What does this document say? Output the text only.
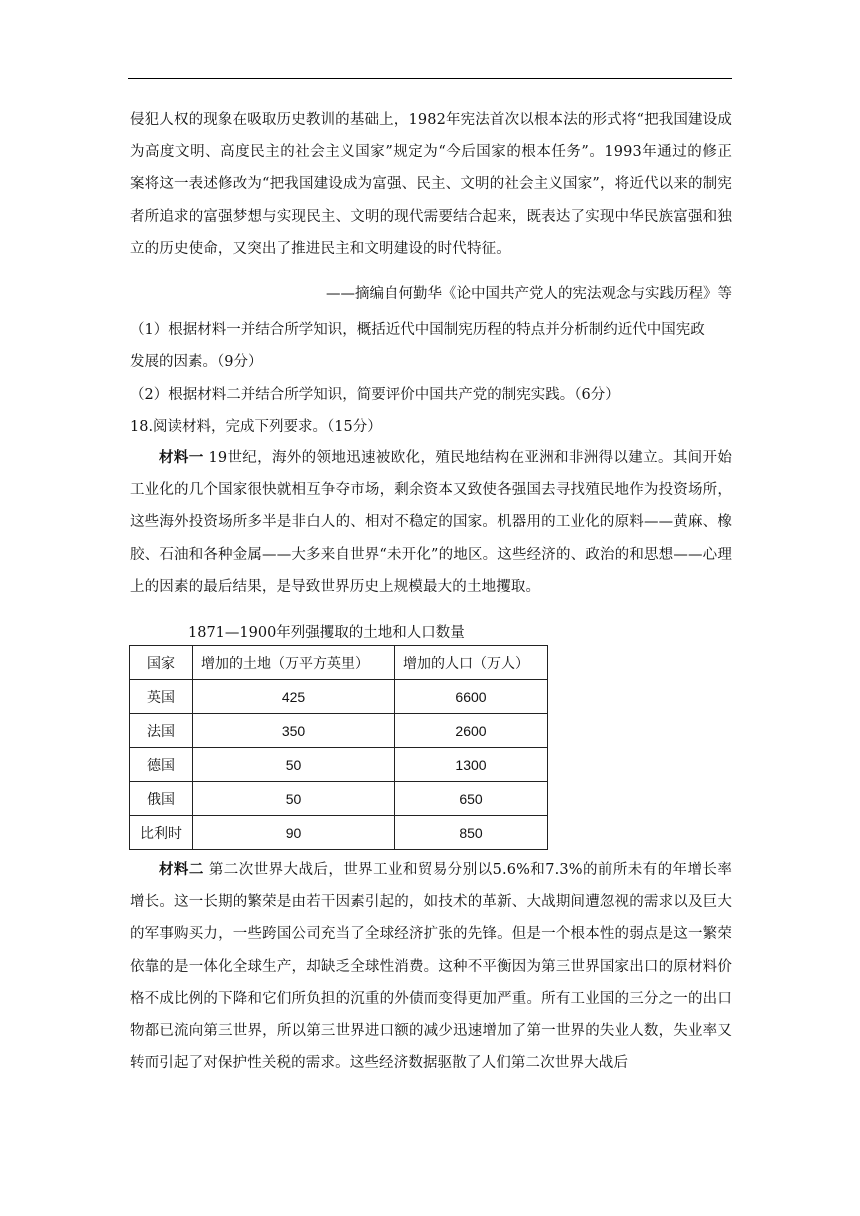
侵犯人权的现象在吸取历史教训的基础上，1982年宪法首次以根本法的形式将“把我国建设成为高度文明、高度民主的社会主义国家”规定为“今后国家的根本任务”。1993年通过的修正案将这一表述修改为“把我国建设成为富强、民主、文明的社会主义国家”，将近代以来的制宪者所追求的富强梦想与实现民主、文明的现代需要结合起来，既表达了实现中华民族富强和独立的历史使命，又突出了推进民主和文明建设的时代特征。
——摘编自何勤华《论中国共产党人的宪法观念与实践历程》等
（1）根据材料一并结合所学知识，概括近代中国制宪历程的特点并分析制约近代中国宪政
发展的因素。（9分）
（2）根据材料二并结合所学知识，简要评价中国共产党的制宪实践。（6分）
18.阅读材料，完成下列要求。（15分）
材料一 19世纪，海外的领地迅速被欧化，殖民地结构在亚洲和非洲得以建立。其间开始工业化的几个国家很快就相互争夺市场，剩余资本又致使各强国去寻找殖民地作为投资场所，这些海外投资场所多半是非白人的、相对不稳定的国家。机器用的工业化的原料——黄麻、橡胶、石油和各种金属——大多来自世界“未开化”的地区。这些经济的、政治的和思想——心理上的因素的最后结果，是导致世界历史上规模最大的土地攫取。
1871—1900年列强攫取的土地和人口数量
国家	增加的土地（万平方英里）	增加的人口（万人）
英国	425	6600
法国	350	2600
德国	50	1300
俄国	50	650
比利时	90	850
材料二 第二次世界大战后，世界工业和贸易分别以5.6%和7.3%的前所未有的年增长率增长。这一长期的繁荣是由若干因素引起的，如技术的革新、大战期间遭忽视的需求以及巨大的军事购买力，一些跨国公司充当了全球经济扩张的先锋。但是一个根本性的弱点是这一繁荣依靠的是一体化全球生产，却缺乏全球性消费。这种不平衡因为第三世界国家出口的原材料价格不成比例的下降和它们所负担的沉重的外债而变得更加严重。所有工业国的三分之一的出口物都已流向第三世界，所以第三世界进口额的减少迅速增加了第一世界的失业人数，失业率又转而引起了对保护性关税的需求。这些经济数据驱散了人们第二次世界大战后
